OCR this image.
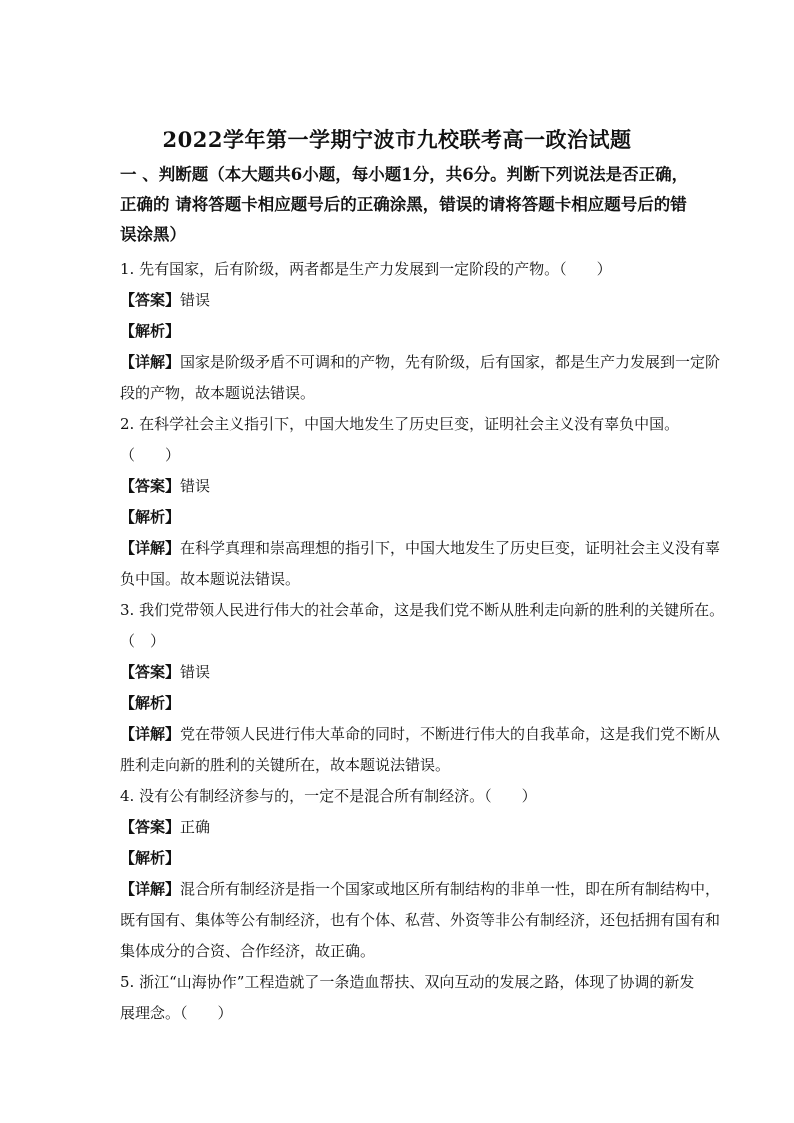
2022学年第一学期宁波市九校联考高一政治试题

一 、判断题（本大题共6小题，每小题1分，共6分。判断下列说法是否正确，

正确的 请将答题卡相应题号后的正确涂黑，错误的请将答题卡相应题号后的错

误涂黑）

1. 先有国家，后有阶级，两者都是生产力发展到一定阶段的产物。（　　）

【答案】错误

【解析】

【详解】国家是阶级矛盾不可调和的产物，先有阶级，后有国家，都是生产力发展到一定阶

段的产物，故本题说法错误。

2. 在科学社会主义指引下，中国大地发生了历史巨变，证明社会主义没有辜负中国。

（　　）

【答案】错误

【解析】

【详解】在科学真理和崇高理想的指引下，中国大地发生了历史巨变，证明社会主义没有辜

负中国。故本题说法错误。

3. 我们党带领人民进行伟大的社会革命，这是我们党不断从胜利走向新的胜利的关键所在。

（　）

【答案】错误

【解析】

【详解】党在带领人民进行伟大革命的同时，不断进行伟大的自我革命，这是我们党不断从

胜利走向新的胜利的关键所在，故本题说法错误。

4. 没有公有制经济参与的，一定不是混合所有制经济。（　　）

【答案】正确

【解析】

【详解】混合所有制经济是指一个国家或地区所有制结构的非单一性，即在所有制结构中，

既有国有、集体等公有制经济，也有个体、私营、外资等非公有制经济，还包括拥有国有和

集体成分的合资、合作经济，故正确。

5. 浙江“山海协作”工程造就了一条造血帮扶、双向互动的发展之路，体现了协调的新发

展理念。（　　）
